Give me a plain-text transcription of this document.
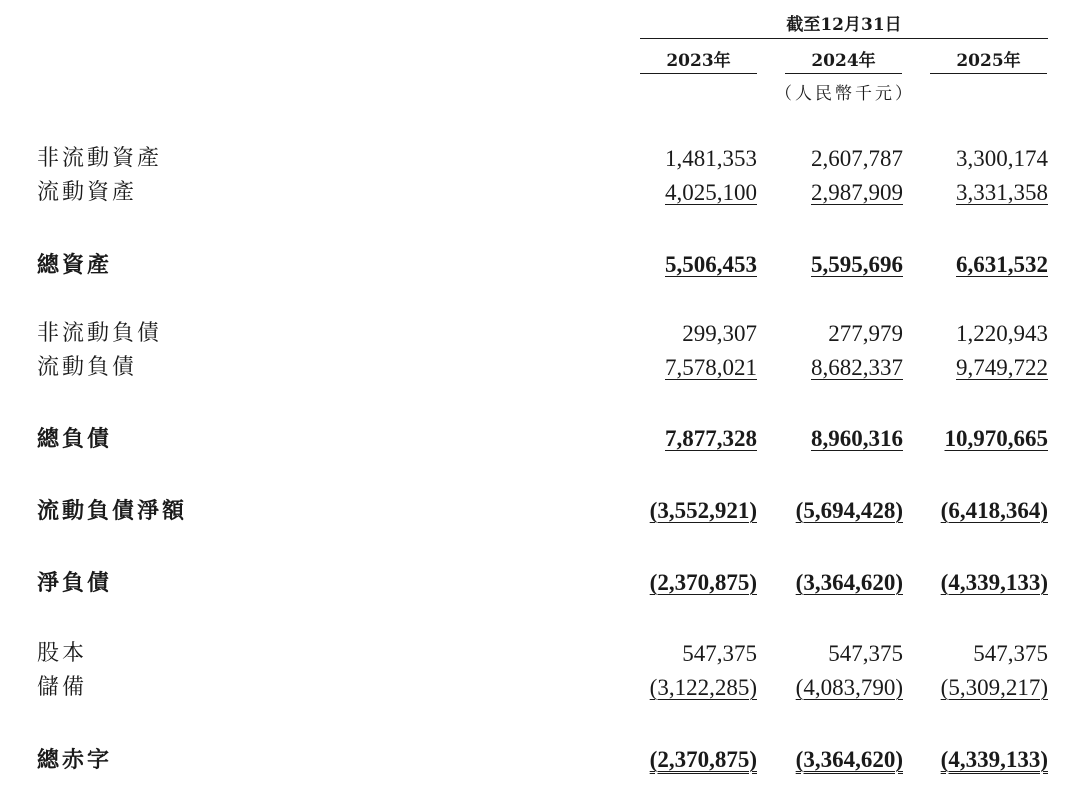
截至12月31日
2023年	2024年	2025年
（人民幣千元）
非流動資產	1,481,353	2,607,787	3,300,174
流動資產	4,025,100	2,987,909	3,331,358
總資產	5,506,453	5,595,696	6,631,532
非流動負債	299,307	277,979	1,220,943
流動負債	7,578,021	8,682,337	9,749,722
總負債	7,877,328	8,960,316	10,970,665
流動負債淨額	(3,552,921)	(5,694,428)	(6,418,364)
淨負債	(2,370,875)	(3,364,620)	(4,339,133)
股本	547,375	547,375	547,375
儲備	(3,122,285)	(4,083,790)	(5,309,217)
總赤字	(2,370,875)	(3,364,620)	(4,339,133)
